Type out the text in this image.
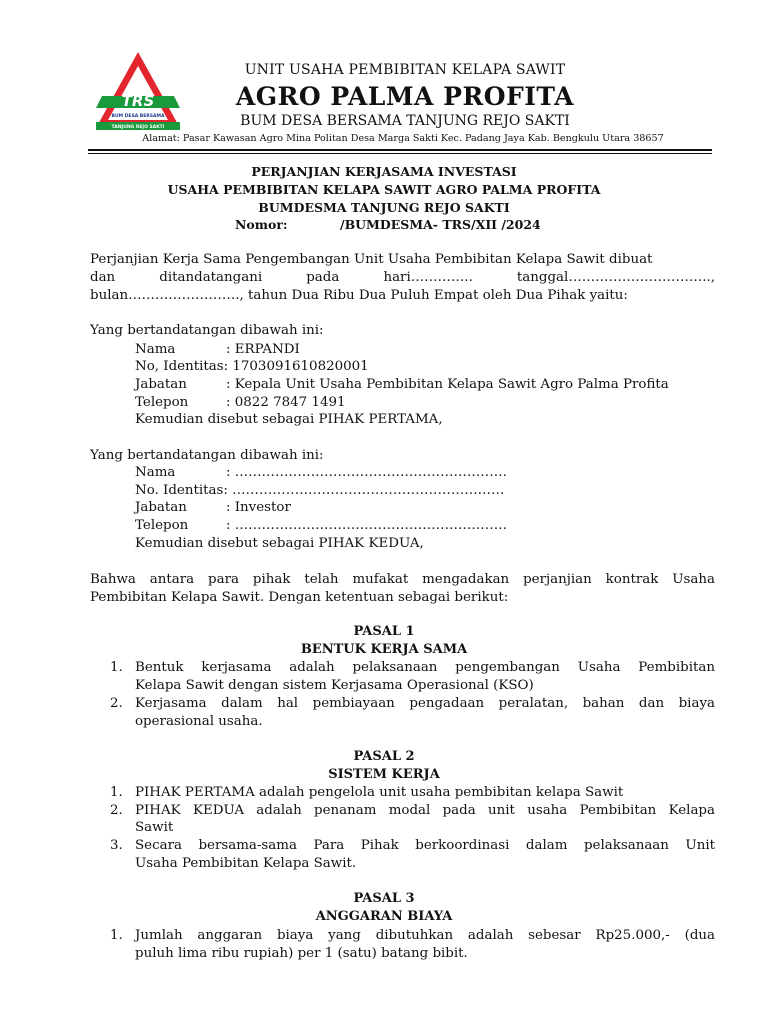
TRS
BUM DESA BERSAMA
TANJUNG REJO SAKTI
UNIT USAHA PEMBIBITAN KELAPA SAWIT
AGRO PALMA PROFITA
BUM DESA BERSAMA TANJUNG REJO SAKTI
Alamat: Pasar Kawasan Agro Mina Politan Desa Marga Sakti Kec. Padang Jaya Kab. Bengkulu Utara 38657
PERJANJIAN KERJASAMA INVESTASI
USAHA PEMBIBITAN KELAPA SAWIT AGRO PALMA PROFITA
BUMDESMA TANJUNG REJO SAKTI
Nomor:	/BUMDESMA- TRS/XII /2024
Perjanjian Kerja Sama Pengembangan Unit Usaha Pembibitan Kelapa Sawit dibuat
dan	ditandatangani	pada	hari…………..	tanggal…………………………..,
bulan……………………., tahun Dua Ribu Dua Puluh Empat oleh Dua Pihak yaitu:
Yang bertandatangan dibawah ini:
Nama	: ERPANDI
No, Identitas: 1703091610820001
Jabatan	: Kepala Unit Usaha Pembibitan Kelapa Sawit Agro Palma Profita
Telepon	: 0822 7847 1491
Kemudian disebut sebagai PIHAK PERTAMA,
Yang bertandatangan dibawah ini:
Nama	: …………………………………………………….
No. Identitas: …………………………………………………….
Jabatan	: Investor
Telepon	: …………………………………………………….
Kemudian disebut sebagai PIHAK KEDUA,
Bahwa antara para pihak telah mufakat mengadakan perjanjian kontrak Usaha
Pembibitan Kelapa Sawit. Dengan ketentuan sebagai berikut:
PASAL 1
BENTUK KERJA SAMA
1. Bentuk kerjasama adalah pelaksanaan pengembangan Usaha Pembibitan
Kelapa Sawit dengan sistem Kerjasama Operasional (KSO)
2. Kerjasama dalam hal pembiayaan pengadaan peralatan, bahan dan biaya
operasional usaha.
PASAL 2
SISTEM KERJA
1. PIHAK PERTAMA adalah pengelola unit usaha pembibitan kelapa Sawit
2. PIHAK KEDUA adalah penanam modal pada unit usaha Pembibitan Kelapa
Sawit
3. Secara bersama-sama Para Pihak berkoordinasi dalam pelaksanaan Unit
Usaha Pembibitan Kelapa Sawit.
PASAL 3
ANGGARAN BIAYA
1. Jumlah anggaran biaya yang dibutuhkan adalah sebesar Rp25.000,- (dua
puluh lima ribu rupiah) per 1 (satu) batang bibit.
